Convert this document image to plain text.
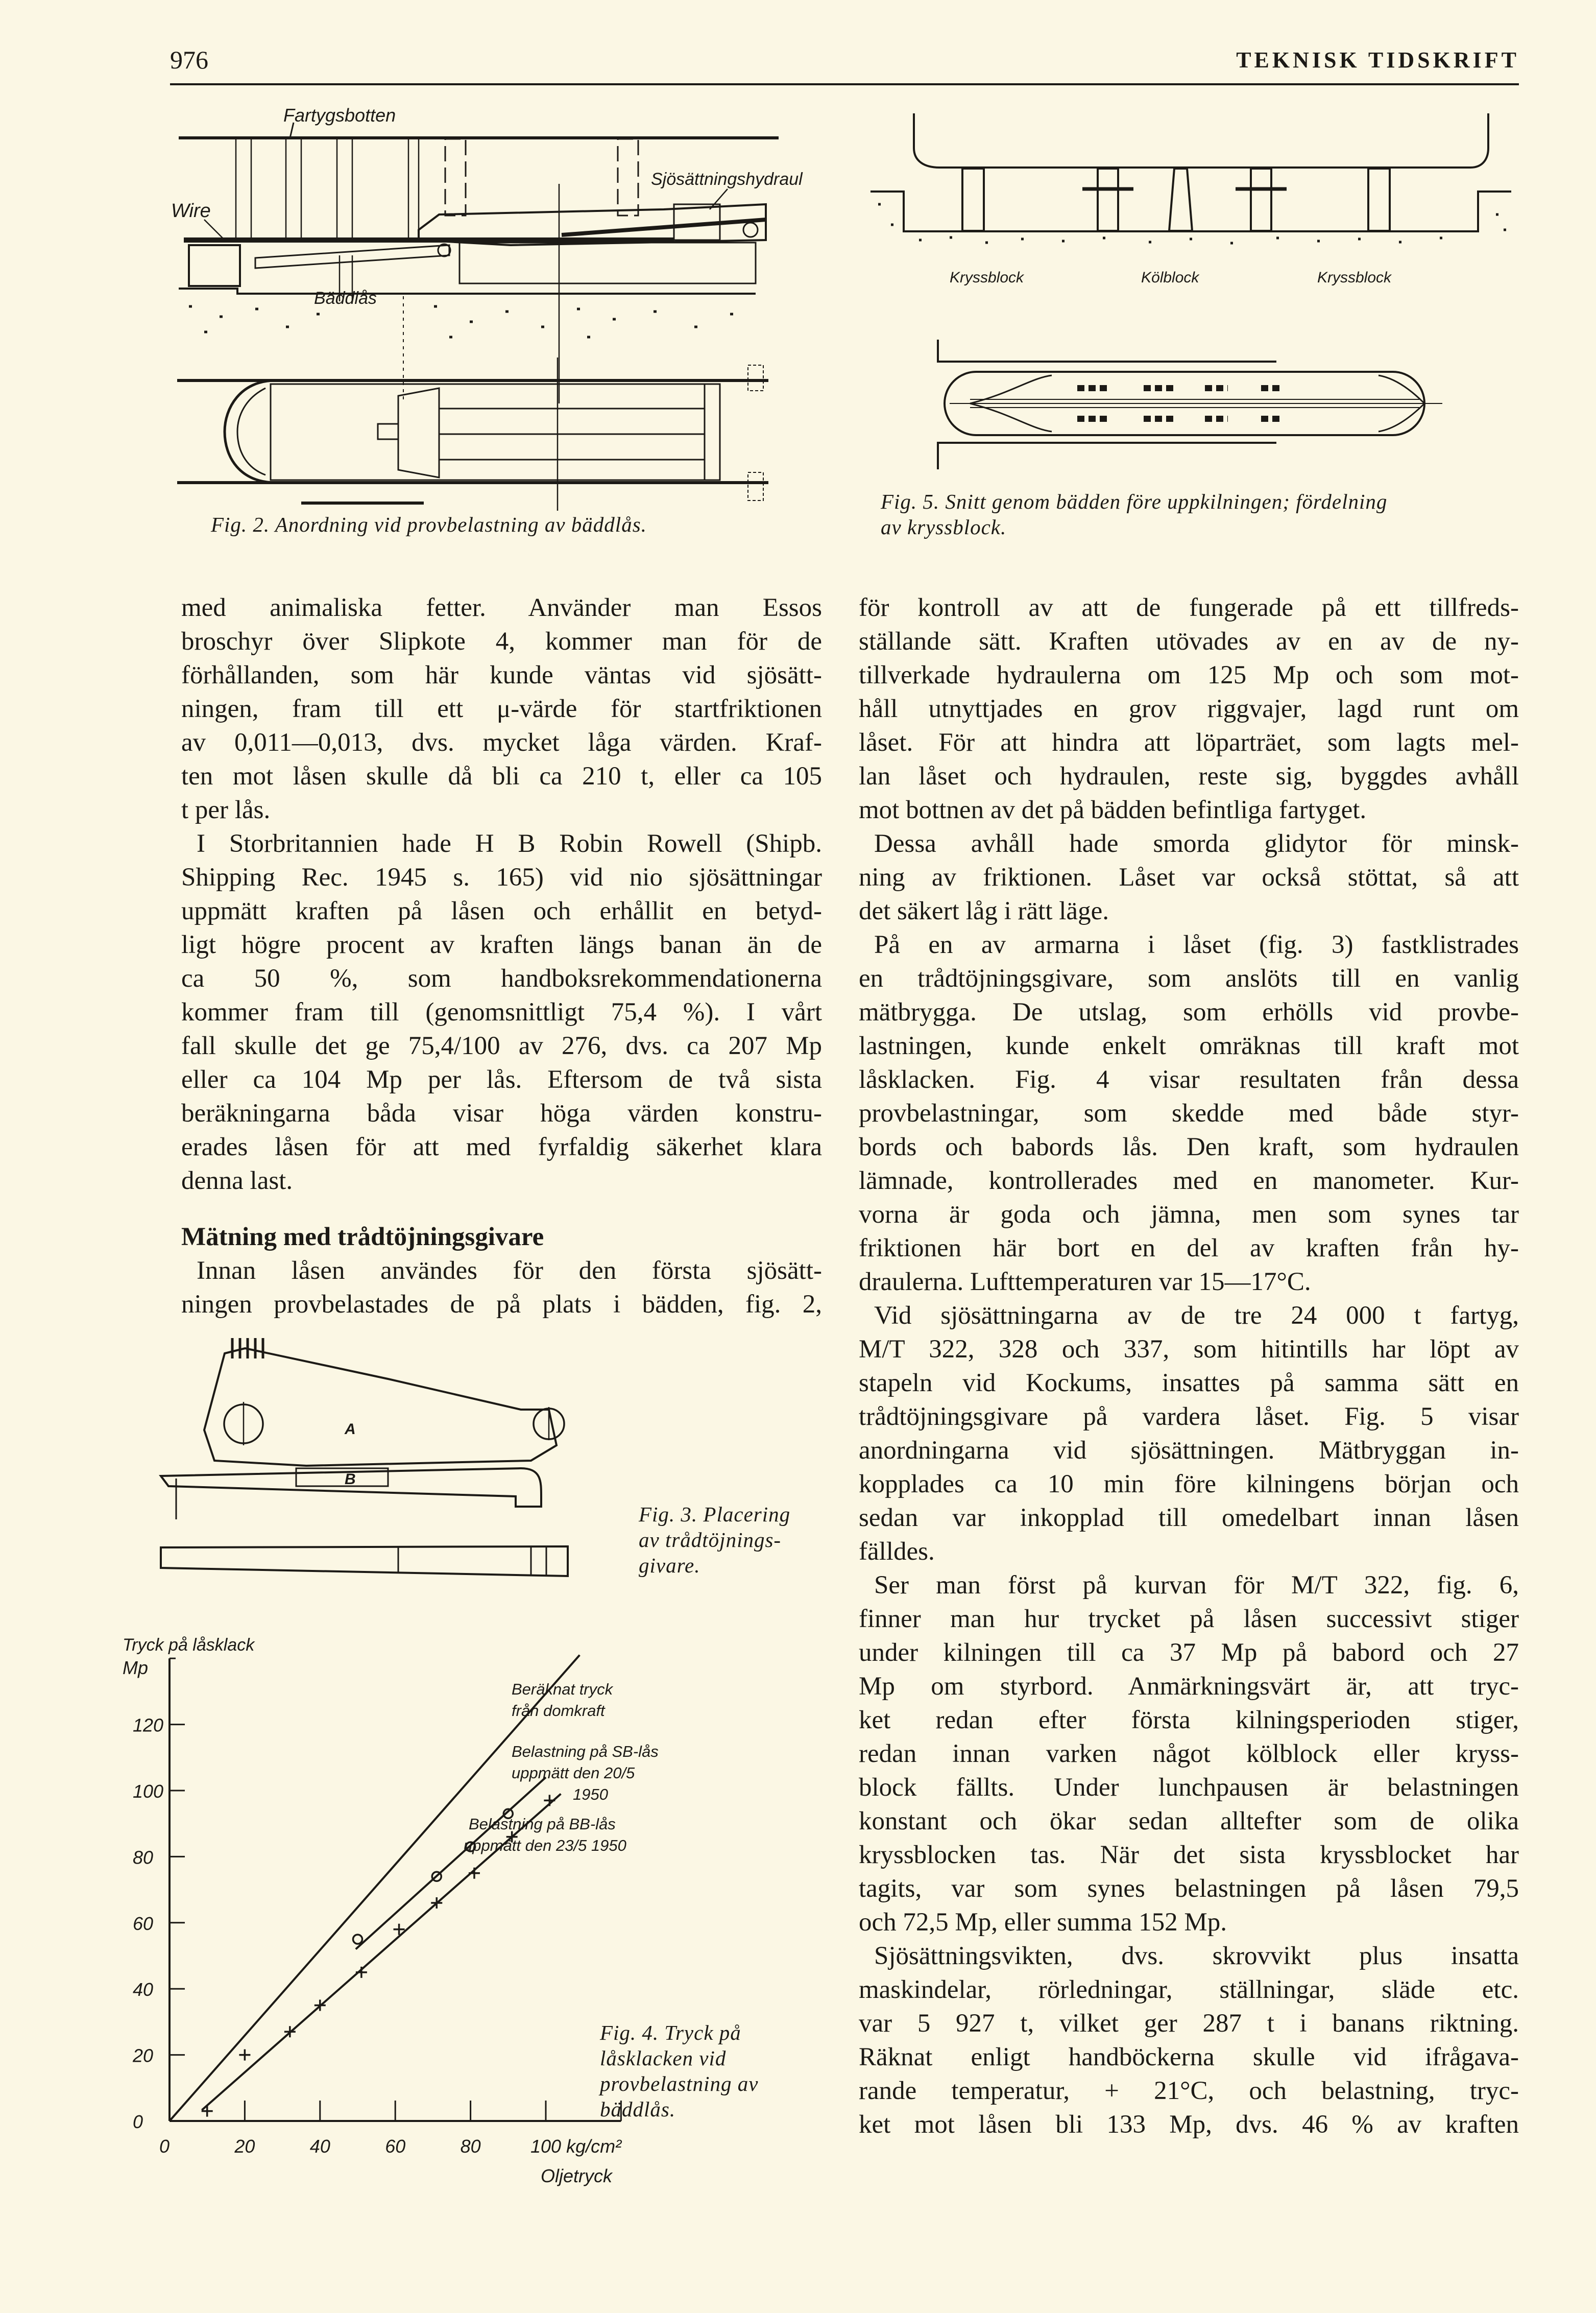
976	TEKNISK TIDSKRIFT
Fartygsbotten
Sjösättningshydraul
Wire
Bäddlås
Kryssblock	Kölblock	Kryssblock
A
B
0
20
40
60
80
100
120
0	20	40	60	80	100 kg/cm²
Oljetryck
Tryck på låsklack
Mp
Beräknat tryck
från domkraft
Belastning på SB-lås
uppmätt den 20/5
1950
Belastning på BB-lås
uppmätt den 23/5 1950
Fig. 2. Anordning vid provbelastning av bäddlås.
Fig. 5. Snitt genom bädden före uppkilningen; fördelning
av kryssblock.
Fig. 3. Placering
av trådtöjnings-
givare.
Fig. 4. Tryck på
låsklacken vid
provbelastning av
bäddlås.
med animaliska fetter. Använder man Essos
broschyr över Slipkote 4, kommer man för de
förhållanden, som här kunde väntas vid sjösätt-
ningen, fram till ett μ-värde för startfriktionen
av 0,011—0,013, dvs. mycket låga värden. Kraf-
ten mot låsen skulle då bli ca 210 t, eller ca 105
t per lås.
I Storbritannien hade H B Robin Rowell (Shipb.
Shipping Rec. 1945 s. 165) vid nio sjösättningar
uppmätt kraften på låsen och erhållit en betyd-
ligt högre procent av kraften längs banan än de
ca 50 %, som handboksrekommendationerna
kommer fram till (genomsnittligt 75,4 %). I vårt
fall skulle det ge 75,4/100 av 276, dvs. ca 207 Mp
eller ca 104 Mp per lås. Eftersom de två sista
beräkningarna båda visar höga värden konstru-
erades låsen för att med fyrfaldig säkerhet klara
denna last.
Mätning med trådtöjningsgivare
Innan låsen användes för den första sjösätt-
ningen provbelastades de på plats i bädden, fig. 2,
för kontroll av att de fungerade på ett tillfreds-
ställande sätt. Kraften utövades av en av de ny-
tillverkade hydraulerna om 125 Mp och som mot-
håll utnyttjades en grov riggvajer, lagd runt om
låset. För att hindra att löparträet, som lagts mel-
lan låset och hydraulen, reste sig, byggdes avhåll
mot bottnen av det på bädden befintliga fartyget.
Dessa avhåll hade smorda glidytor för minsk-
ning av friktionen. Låset var också stöttat, så att
det säkert låg i rätt läge.
På en av armarna i låset (fig. 3) fastklistrades
en trådtöjningsgivare, som anslöts till en vanlig
mätbrygga. De utslag, som erhölls vid provbe-
lastningen, kunde enkelt omräknas till kraft mot
låsklacken. Fig. 4 visar resultaten från dessa
provbelastningar, som skedde med både styr-
bords och babords lås. Den kraft, som hydraulen
lämnade, kontrollerades med en manometer. Kur-
vorna är goda och jämna, men som synes tar
friktionen här bort en del av kraften från hy-
draulerna. Lufttemperaturen var 15—17°C.
Vid sjösättningarna av de tre 24 000 t fartyg,
M/T 322, 328 och 337, som hitintills har löpt av
stapeln vid Kockums, insattes på samma sätt en
trådtöjningsgivare på vardera låset. Fig. 5 visar
anordningarna vid sjösättningen. Mätbryggan in-
kopplades ca 10 min före kilningens början och
sedan var inkopplad till omedelbart innan låsen
fälldes.
Ser man först på kurvan för M/T 322, fig. 6,
finner man hur trycket på låsen successivt stiger
under kilningen till ca 37 Mp på babord och 27
Mp om styrbord. Anmärkningsvärt är, att tryc-
ket redan efter första kilningsperioden stiger,
redan innan varken något kölblock eller kryss-
block fällts. Under lunchpausen är belastningen
konstant och ökar sedan alltefter som de olika
kryssblocken tas. När det sista kryssblocket har
tagits, var som synes belastningen på låsen 79,5
och 72,5 Mp, eller summa 152 Mp.
Sjösättningsvikten, dvs. skrovvikt plus insatta
maskindelar, rörledningar, ställningar, släde etc.
var 5 927 t, vilket ger 287 t i banans riktning.
Räknat enligt handböckerna skulle vid ifrågava-
rande temperatur, + 21°C, och belastning, tryc-
ket mot låsen bli 133 Mp, dvs. 46 % av kraften
